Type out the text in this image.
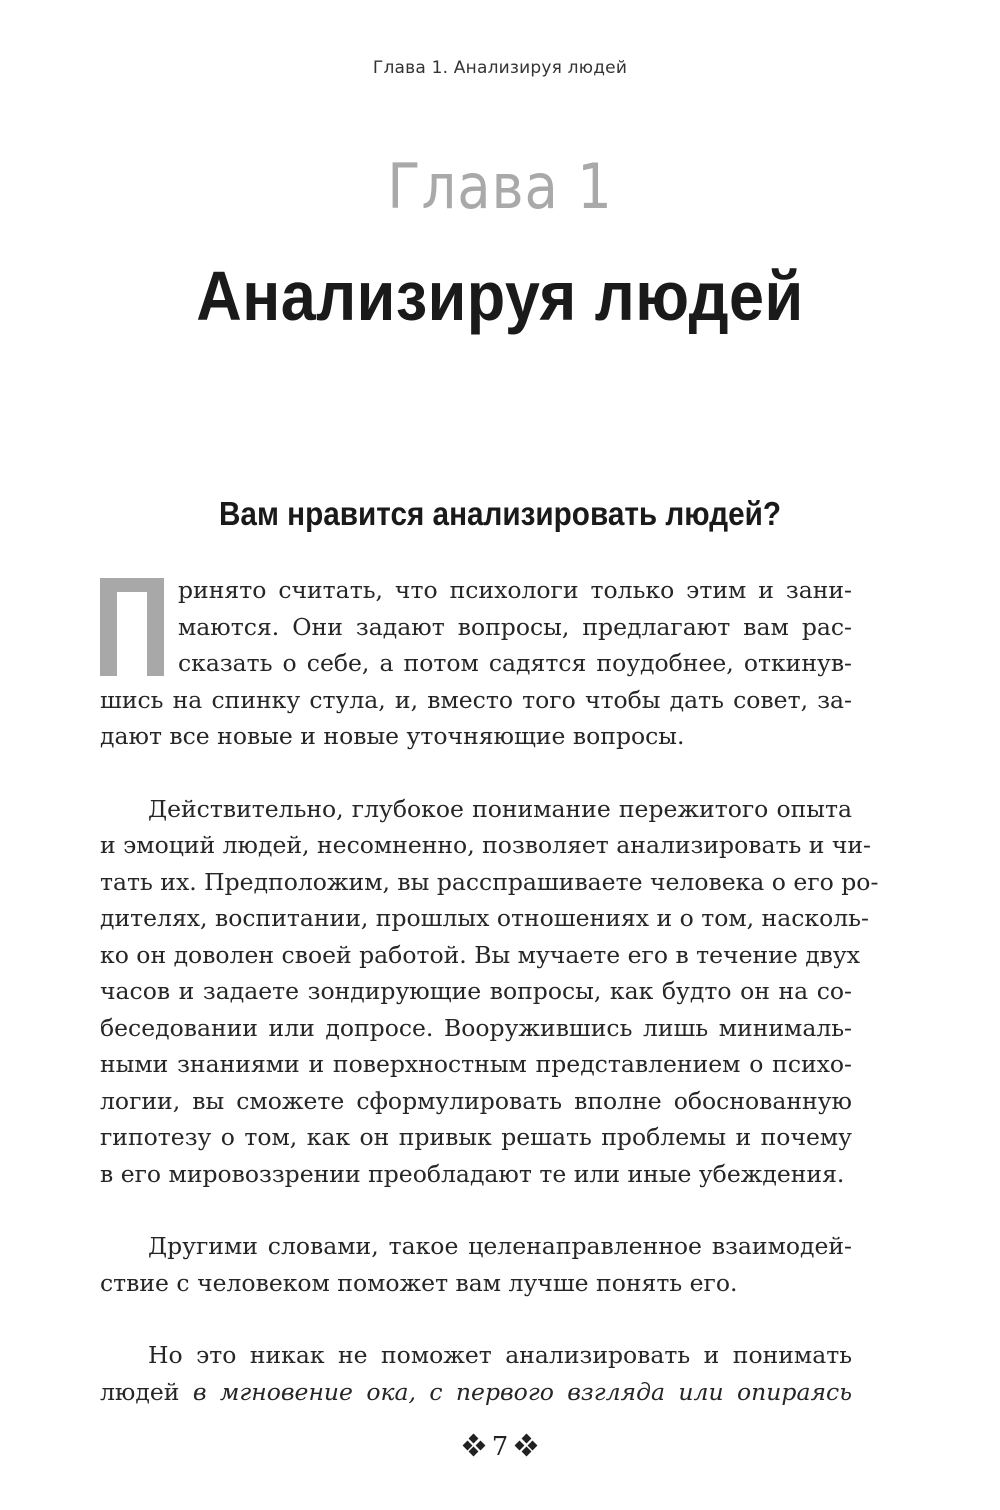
Глава 1. Анализируя людей
Глава 1
Анализируя людей
Вам нравится анализировать людей?
ринято считать, что психологи только этим и зани-
маются. Они задают вопросы, предлагают вам рас-
сказать о себе, а потом садятся поудобнее, откинув-
шись на спинку стула, и, вместо того чтобы дать совет, за-
дают все новые и новые уточняющие вопросы.
Действительно, глубокое понимание пережитого опыта
и эмоций людей, несомненно, позволяет анализировать и чи-
тать их. Предположим, вы расспрашиваете человека о его ро-
дителях, воспитании, прошлых отношениях и о том, насколь-
ко он доволен своей работой. Вы мучаете его в течение двух
часов и задаете зондирующие вопросы, как будто он на со-
беседовании или допросе. Вооружившись лишь минималь-
ными знаниями и поверхностным представлением о психо-
логии, вы сможете сформулировать вполне обоснованную
гипотезу о том, как он привык решать проблемы и почему
в его мировоззрении преобладают те или иные убеждения.
Другими словами, такое целенаправленное взаимодей-
ствие с человеком поможет вам лучше понять его.
Но это никак не поможет анализировать и понимать
людей в мгновение ока, с первого взгляда или опираясь
7
